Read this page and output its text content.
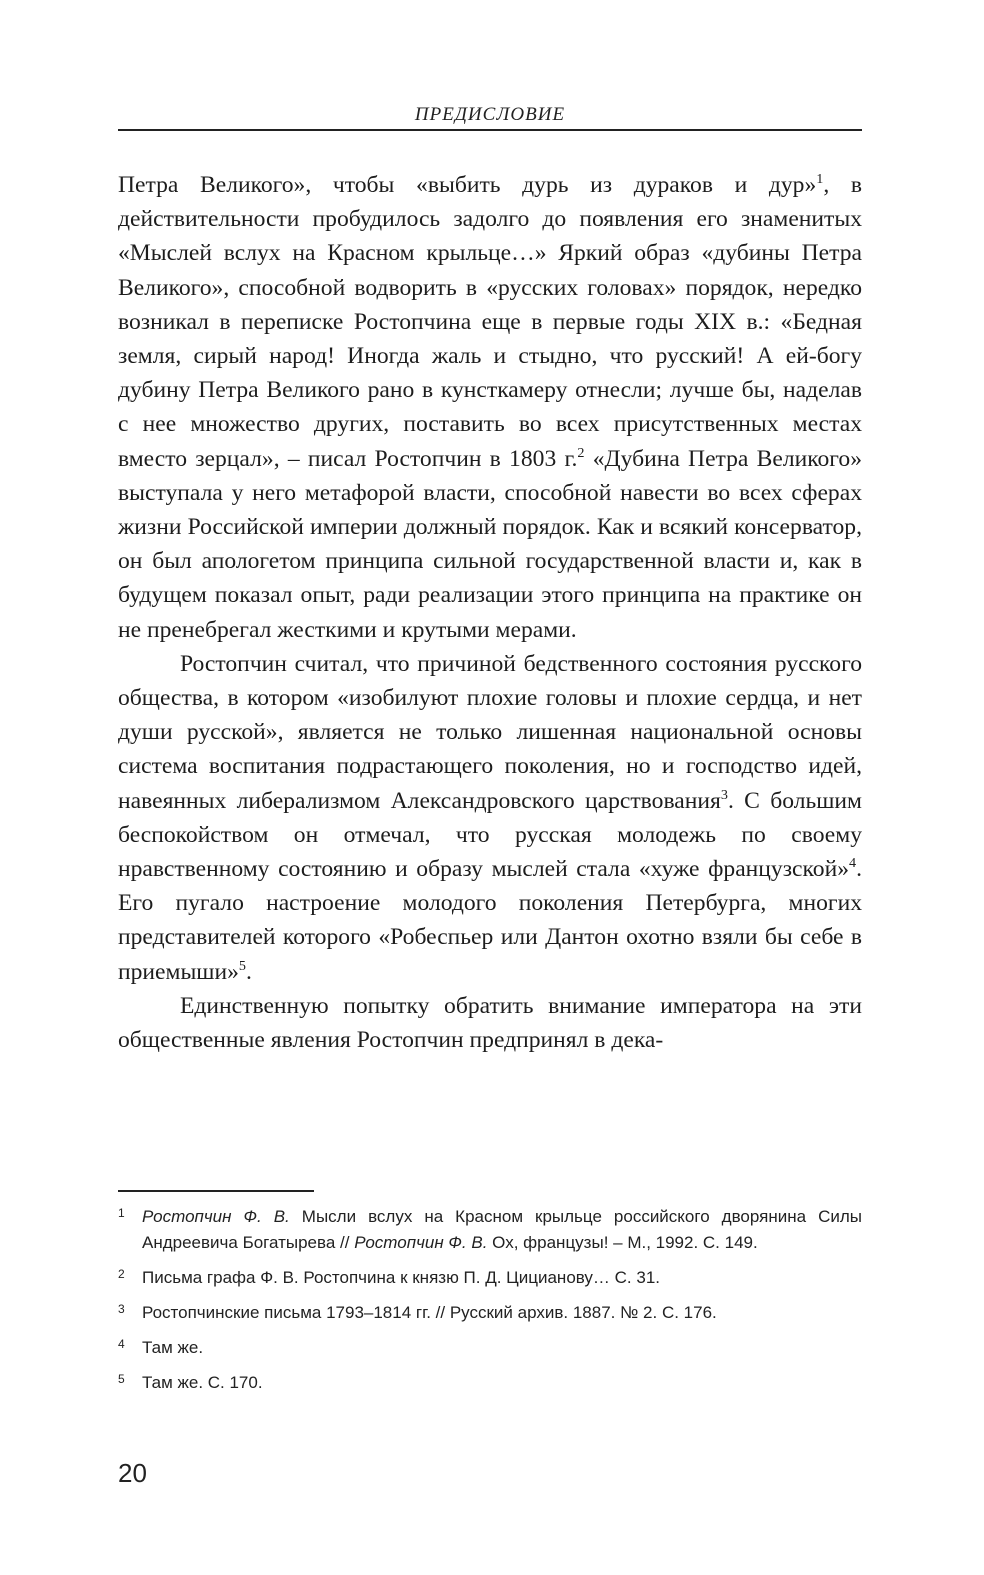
ПРЕДИСЛОВИЕ

Петра Великого», чтобы «выбить дурь из дураков и дур»$^1$, в действительности пробудилось задолго до появления его знаменитых «Мыслей вслух на Красном крыльце…» Яркий образ «дубины Петра Великого», способной водворить в «русских головах» порядок, нередко возникал в переписке Ростопчина еще в первые годы XIX в.: «Бедная земля, сирый народ! Иногда жаль и стыдно, что русский! А ей-богу дубину Петра Великого рано в кунсткамеру отнесли; лучше бы, наделав с нее множество других, поставить во всех присутственных местах вместо зерцал», – писал Ростопчин в 1803 г.$^2$ «Дубина Петра Великого» выступала у него метафорой власти, способной навести во всех сферах жизни Российской империи должный порядок. Как и всякий консерватор, он был апологетом принципа сильной государственной власти и, как в будущем показал опыт, ради реализации этого принципа на практике он не пренебрегал жесткими и крутыми мерами.

Ростопчин считал, что причиной бедственного состояния русского общества, в котором «изобилуют плохие головы и плохие сердца, и нет души русской», является не только лишенная национальной основы система воспитания подрастающего поколения, но и господство идей, навеянных либерализмом Александровского царствования$^3$. С большим беспокойством он отмечал, что русская молодежь по своему нравственному состоянию и образу мыслей стала «хуже французской»$^4$. Его пугало настроение молодого поколения Петербурга, многих представителей которого «Робеспьер или Дантон охотно взяли бы себе в приемыши»$^5$.

Единственную попытку обратить внимание императора на эти общественные явления Ростопчин предпринял в дека-

1 Ростопчин Ф. В. Мысли вслух на Красном крыльце российского дворянина Силы Андреевича Богатырева // Ростопчин Ф. В. Ох, французы! – М., 1992. С. 149.
2 Письма графа Ф. В. Ростопчина к князю П. Д. Цицианову… С. 31.
3 Ростопчинские письма 1793–1814 гг. // Русский архив. 1887. № 2. С. 176.
4 Там же.
5 Там же. С. 170.
20
